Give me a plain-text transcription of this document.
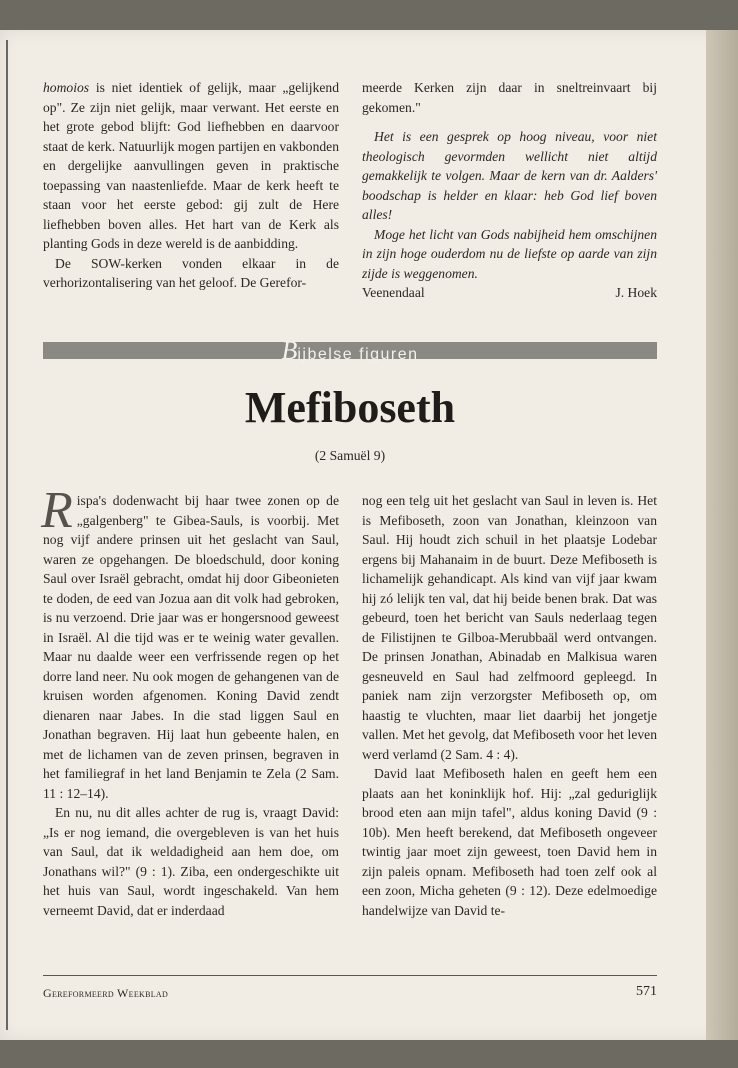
homoios is niet identiek of gelijk, maar „gelijkend op". Ze zijn niet gelijk, maar verwant. Het eerste en het grote gebod blijft: God liefhebben en daarvoor staat de kerk. Natuurlijk mogen partijen en vakbonden en dergelijke aanvullingen geven in praktische toepassing van naastenliefde. Maar de kerk heeft te staan voor het eerste gebod: gij zult de Here liefhebben boven alles. Het hart van de Kerk als planting Gods in deze wereld is de aanbidding.

De SOW-kerken vonden elkaar in de verhorizontalisering van het geloof. De Gerefor-

meerde Kerken zijn daar in sneltreinvaart bij gekomen."

Het is een gesprek op hoog niveau, voor niet theologisch gevormden wellicht niet altijd gemakkelijk te volgen. Maar de kern van dr. Aalders' boodschap is helder en klaar: heb God lief boven alles!

Moge het licht van Gods nabijheid hem omschijnen in zijn hoge ouderdom nu de liefste op aarde van zijn zijde is weggenomen.

Veenendaal	J. Hoek
Bijbelse figuren
Mefiboseth
(2 Samuël 9)

Rispa's dodenwacht bij haar twee zonen op de „galgenberg" te Gibea-Sauls, is voorbij. Met nog vijf andere prinsen uit het geslacht van Saul, waren ze opgehangen. De bloedschuld, door koning Saul over Israël gebracht, omdat hij door Gibeonieten te doden, de eed van Jozua aan dit volk had gebroken, is nu verzoend. Drie jaar was er hongersnood geweest in Israël. Al die tijd was er te weinig water gevallen. Maar nu daalde weer een verfrissende regen op het dorre land neer. Nu ook mogen de gehangenen van de kruisen worden afgenomen. Koning David zendt dienaren naar Jabes. In die stad liggen Saul en Jonathan begraven. Hij laat hun gebeente halen, en met de lichamen van de zeven prinsen, begraven in het familiegraf in het land Benjamin te Zela (2 Sam. 11 : 12–14).

En nu, nu dit alles achter de rug is, vraagt David: „Is er nog iemand, die overgebleven is van het huis van Saul, dat ik weldadigheid aan hem doe, om Jonathans wil?" (9 : 1). Ziba, een ondergeschikte uit het huis van Saul, wordt ingeschakeld. Van hem verneemt David, dat er inderdaad

nog een telg uit het geslacht van Saul in leven is. Het is Mefiboseth, zoon van Jonathan, kleinzoon van Saul. Hij houdt zich schuil in het plaatsje Lodebar ergens bij Mahanaim in de buurt. Deze Mefiboseth is lichamelijk gehandicapt. Als kind van vijf jaar kwam hij zó lelijk ten val, dat hij beide benen brak. Dat was gebeurd, toen het bericht van Sauls nederlaag tegen de Filistijnen te Gilboa-Merubbaäl werd ontvangen. De prinsen Jonathan, Abinadab en Malkisua waren gesneuveld en Saul had zelfmoord gepleegd. In paniek nam zijn verzorgster Mefiboseth op, om haastig te vluchten, maar liet daarbij het jongetje vallen. Met het gevolg, dat Mefiboseth voor het leven werd verlamd (2 Sam. 4 : 4).

David laat Mefiboseth halen en geeft hem een plaats aan het koninklijk hof. Hij: „zal geduriglijk brood eten aan mijn tafel", aldus koning David (9 : 10b). Men heeft berekend, dat Mefiboseth ongeveer twintig jaar moet zijn geweest, toen David hem in zijn paleis opnam. Mefiboseth had toen zelf ook al een zoon, Micha geheten (9 : 12). Deze edelmoedige handelwijze van David te-

Gereformeerd Weekblad	571
